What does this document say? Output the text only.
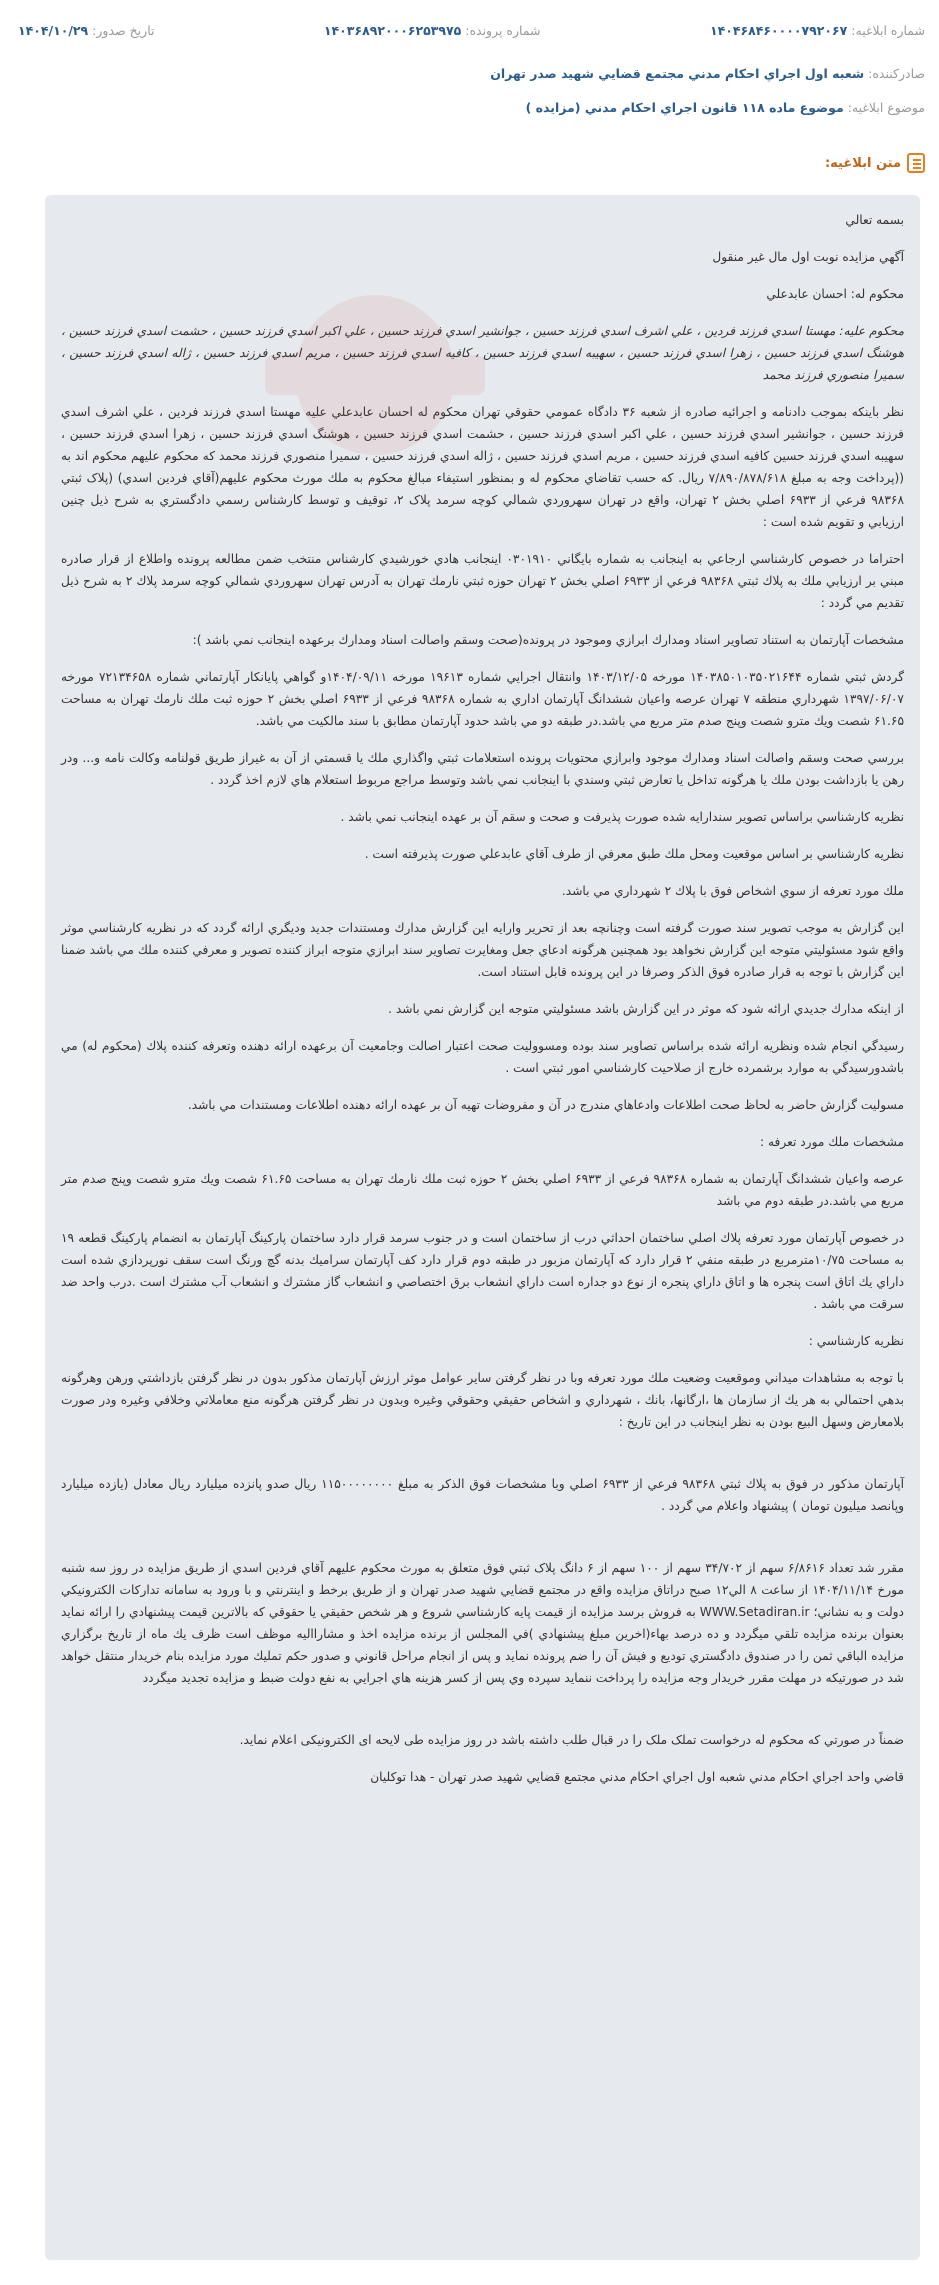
شماره ابلاغيه: ۱۴۰۴۶۸۴۶۰۰۰۰۷۹۲۰۶۷
شماره پرونده: ۱۴۰۳۶۸۹۲۰۰۰۶۲۵۳۹۷۵
تاريخ صدور: ۱۴۰۴/۱۰/۲۹
صادرکننده:

شعبه اول اجراي احكام مدني مجتمع قضايي شهيد صدر تهران
موضوع ابلاغيه:

موضوع ماده ۱۱۸ قانون اجراي احكام مدني (مزايده )
متن ابلاغيه:

بسمه تعالي

آگهي مزايده نوبت اول مال غير منقول

محکوم له: احسان عابدعلي

محكوم عليه: مهستا اسدي فرزند فردين ، علي اشرف اسدي فرزند حسين ، جوانشير اسدي فرزند حسين ، علي اكبر اسدي فرزند حسين ، حشمت اسدي فرزند حسين ، هوشنگ اسدي فرزند حسين ، زهرا اسدي فرزند حسين ، سهيبه اسدي فرزند حسين ، كافيه اسدي فرزند حسين ، مريم اسدي فرزند حسين ، ژاله اسدي فرزند حسين ، سميرا منصوري فرزند محمد

نظر باينكه بموجب دادنامه و اجرائيه صادره از شعبه ۳۶ دادگاه عمومي حقوقي تهران محكوم له احسان عابدعلي عليه مهستا اسدي فرزند فردين ، علي اشرف اسدي فرزند حسين ، جوانشير اسدي فرزند حسين ، علي اكبر اسدي فرزند حسين ، حشمت اسدي فرزند حسين ، هوشنگ اسدي فرزند حسين ، زهرا اسدي فرزند حسين ، سهيبه اسدي فرزند حسين كافيه اسدي فرزند حسين ، مريم اسدي فرزند حسين ، ژاله اسدي فرزند حسين ، سميرا منصوري فرزند محمد كه محكوم عليهم محكوم اند به ((پرداخت وجه به مبلغ ۷/۸۹۰/۸۷۸/۶۱۸ ريال. كه حسب تقاضاي محكوم له و بمنظور استيفاء مبالغ محكوم به ملك مورث محكوم عليهم(آقاي فردين اسدي) (پلاک ثبتي ۹۸۳۶۸ فرعي از ۶۹۳۳ اصلي بخش ۲ تهران، واقع در تهران سهروردي شمالي كوچه سرمد پلاک ۲، توقيف و توسط كارشناس رسمي دادگستري به شرح ذيل چنين ارزيابي و تقويم شده است :

احتراما در خصوص كارشناسي ارجاعي به اينجانب به شماره بايگاني ۰۳۰۱۹۱۰ اينجانب هادي خورشيدي كارشناس منتخب ضمن مطالعه پرونده واطلاع از قرار صادره مبني بر ارزيابي ملك به پلاك ثبتي ۹۸۳۶۸ فرعي از ۶۹۳۳ اصلي بخش ۲ تهران حوزه ثبتي نارمك تهران به آدرس تهران سهروردي شمالي كوچه سرمد پلاك ۲ به شرح ذيل تقديم مي گردد :

مشخصات آپارتمان به استناد تصاوير اسناد ومدارك ابرازي وموجود در پرونده(صحت وسقم واصالت اسناد ومدارك برعهده اينجانب نمي باشد ):

گردش ثبتي شماره ۱۴۰۳۸۵۰۱۰۳۵۰۲۱۶۴۴ مورخه ۱۴۰۳/۱۲/۰۵ وانتقال اجرايي شماره ۱۹۶۱۳ مورخه ۱۴۰۴/۰۹/۱۱و گواهي پايانكار آپارتماني شماره ۷۲۱۳۴۶۵۸ مورخه ۱۳۹۷/۰۶/۰۷ شهرداري منطقه ۷ تهران عرصه واعيان ششدانگ آپارتمان اداري به شماره ۹۸۳۶۸ فرعي از ۶۹۳۳ اصلي بخش ۲ حوزه ثبت ملك نارمك تهران به مساحت ۶۱.۶۵ شصت ويك مترو شصت وپنج صدم متر مربع مي باشد.در طبقه دو مي باشد حدود آپارتمان مطابق با سند مالكيت مي باشد.

بررسي صحت وسقم واصالت اسناد ومدارك موجود وابرازي محتويات پرونده استعلامات ثبتي واگذاري ملك يا قسمتي از آن به غيراز طريق قولنامه وكالت نامه و... ودر رهن يا بازداشت بودن ملك يا هرگونه تداخل يا تعارض ثبتي وسندي با اينجانب نمي باشد وتوسط مراجع مربوط استعلام هاي لازم اخذ گردد .

نظريه كارشناسي براساس تصوير سندارايه شده صورت پذيرفت و صحت و سقم آن بر عهده اينجانب نمي باشد .

نظريه كارشناسي بر اساس موقعيت ومحل ملك طبق معرفي از طرف آقاي عابدعلي صورت پذيرفته است .

ملك مورد تعرفه از سوي اشخاص فوق با پلاك ۲ شهرداري مي باشد.

اين گزارش به موجب تصوير سند صورت گرفته است وچنانچه بعد از تحرير وارايه اين گزارش مدارك ومستندات جديد وديگري ارائه گردد كه در نظريه كارشناسي موثر واقع شود مسئوليتي متوجه اين گزارش نخواهد بود همچنين هرگونه ادعاي جعل ومغايرت تصاوير سند ابرازي متوجه ابراز كننده تصوير و معرفي كننده ملك مي باشد ضمنا اين گزارش با توجه به قرار صادره فوق الذكر وصرفا در اين پرونده قابل استناد است.

از اينكه مدارك جديدي ارائه شود كه موثر در اين گزارش باشد مسئوليتي متوجه اين گزارش نمي باشد .

رسيدگي انجام شده ونظريه ارائه شده براساس تصاوير سند بوده ومسووليت صحت اعتبار اصالت وجامعيت آن برعهده ارائه دهنده وتعرفه كننده پلاك (محكوم له) مي باشدورسيدگي به موارد برشمرده خارج از صلاحيت كارشناسي امور ثبتي است .

مسوليت گزارش حاضر به لحاظ صحت اطلاعات وادعاهاي مندرج در آن و مفروضات تهيه آن بر عهده ارائه دهنده اطلاعات ومستندات مي باشد.

مشخصات ملك مورد تعرفه :

عرصه واعيان ششدانگ آپارتمان به شماره ۹۸۳۶۸ فرعي از ۶۹۳۳ اصلي بخش ۲ حوزه ثبت ملك نارمك تهران به مساحت ۶۱.۶۵ شصت ويك مترو شصت وپنج صدم متر مربع مي باشد.در طبقه دوم مي باشد

در خصوص آپارتمان مورد تعرفه پلاك اصلي ساختمان احداثي درب از ساختمان است و در جنوب سرمد قرار دارد ساختمان پاركينگ آپارتمان به انضمام پاركينگ قطعه ۱۹ به مساحت ۱۰/۷۵مترمربع در طبقه منفي ۲ قرار دارد كه آپارتمان مزبور در طبقه دوم قرار دارد كف آپارتمان سراميك بدنه گچ ورنگ است سقف نورپردازي شده است داراي يك اتاق است پنجره ها و اتاق داراي پنجره از نوع دو جداره است داراي انشعاب برق اختصاصي و انشعاب گاز مشترك و انشعاب آب مشترك است .درب واحد ضد سرقت مي باشد .

نظريه كارشناسي :

با توجه به مشاهدات ميداني وموقعيت وضعيت ملك مورد تعرفه وبا در نظر گرفتن ساير عوامل موثر ارزش آپارتمان مذكور بدون در نظر گرفتن بازداشتي ورهن وهرگونه بدهي احتمالي به هر يك از سازمان ها ،ارگانها، بانك ، شهرداري و اشخاص حقيقي وحقوقي وغيره وبدون در نظر گرفتن هرگونه منع معاملاتي وخلافي وغيره ودر صورت بلامعارض وسهل البيع بودن به نظر اينجانب در اين تاريخ :

آپارتمان مذكور در فوق به پلاك ثبتي ۹۸۳۶۸ فرعي از ۶۹۳۳ اصلي وبا مشخصات فوق الذكر به مبلغ ۱۱۵۰۰۰۰۰۰۰۰ ريال صدو پانزده ميليارد ريال معادل (يازده ميليارد وپانصد ميليون تومان ) پيشنهاد واعلام مي گردد .

مقرر شد تعداد ۶/۸۶۱۶ سهم از ۳۴/۷۰۲ سهم از ۱۰۰ سهم از ۶ دانگ پلاک ثبتي فوق متعلق به مورث محكوم عليهم آقاي فردين اسدي از طريق مزايده در روز سه شنبه مورخ ۱۴۰۴/۱۱/۱۴ از ساعت ۸ الي۱۲ صبح دراتاق مزايده واقع در مجتمع قضايي شهيد صدر تهران و از طريق برخط و اينترنتي و با ورود به سامانه تداركات الكترونيكي دولت و به نشاني؛ WWW.Setadiran.ir به فروش برسد مزايده از قيمت پايه كارشناسي شروع و هر شخص حقيقي يا حقوقي كه بالاترين قيمت پيشنهادي را ارائه نمايد بعنوان برنده مزايده تلقي ميگردد و ده درصد بهاء(اخرين مبلغ پيشنهادي )في المجلس از برنده مزايده اخذ و مشارااليه موظف است ظرف يك ماه از تاريخ برگزاري مزايده الباقي ثمن را در صندوق دادگستري توديع و فيش آن را ضم پرونده نمايد و پس از انجام مراحل قانوني و صدور حكم تمليك مورد مزايده بنام خريدار منتقل خواهد شد در صورتيكه در مهلت مقرر خريدار وجه مزايده را پرداخت ننمايد سپرده وي پس از كسر هزينه هاي اجرايي به نفع دولت ضبط و مزايده تجديد ميگردد

ضمناً در صورتي که محکوم له درخواست تملک ملک را در قبال طلب داشته باشد در روز مزايده طی لايحه ای الکترونيکی اعلام نمايد.

قاضي واحد اجراي احكام مدني شعبه اول اجراي احكام مدني مجتمع قضايي شهيد صدر تهران - هدا توكليان
